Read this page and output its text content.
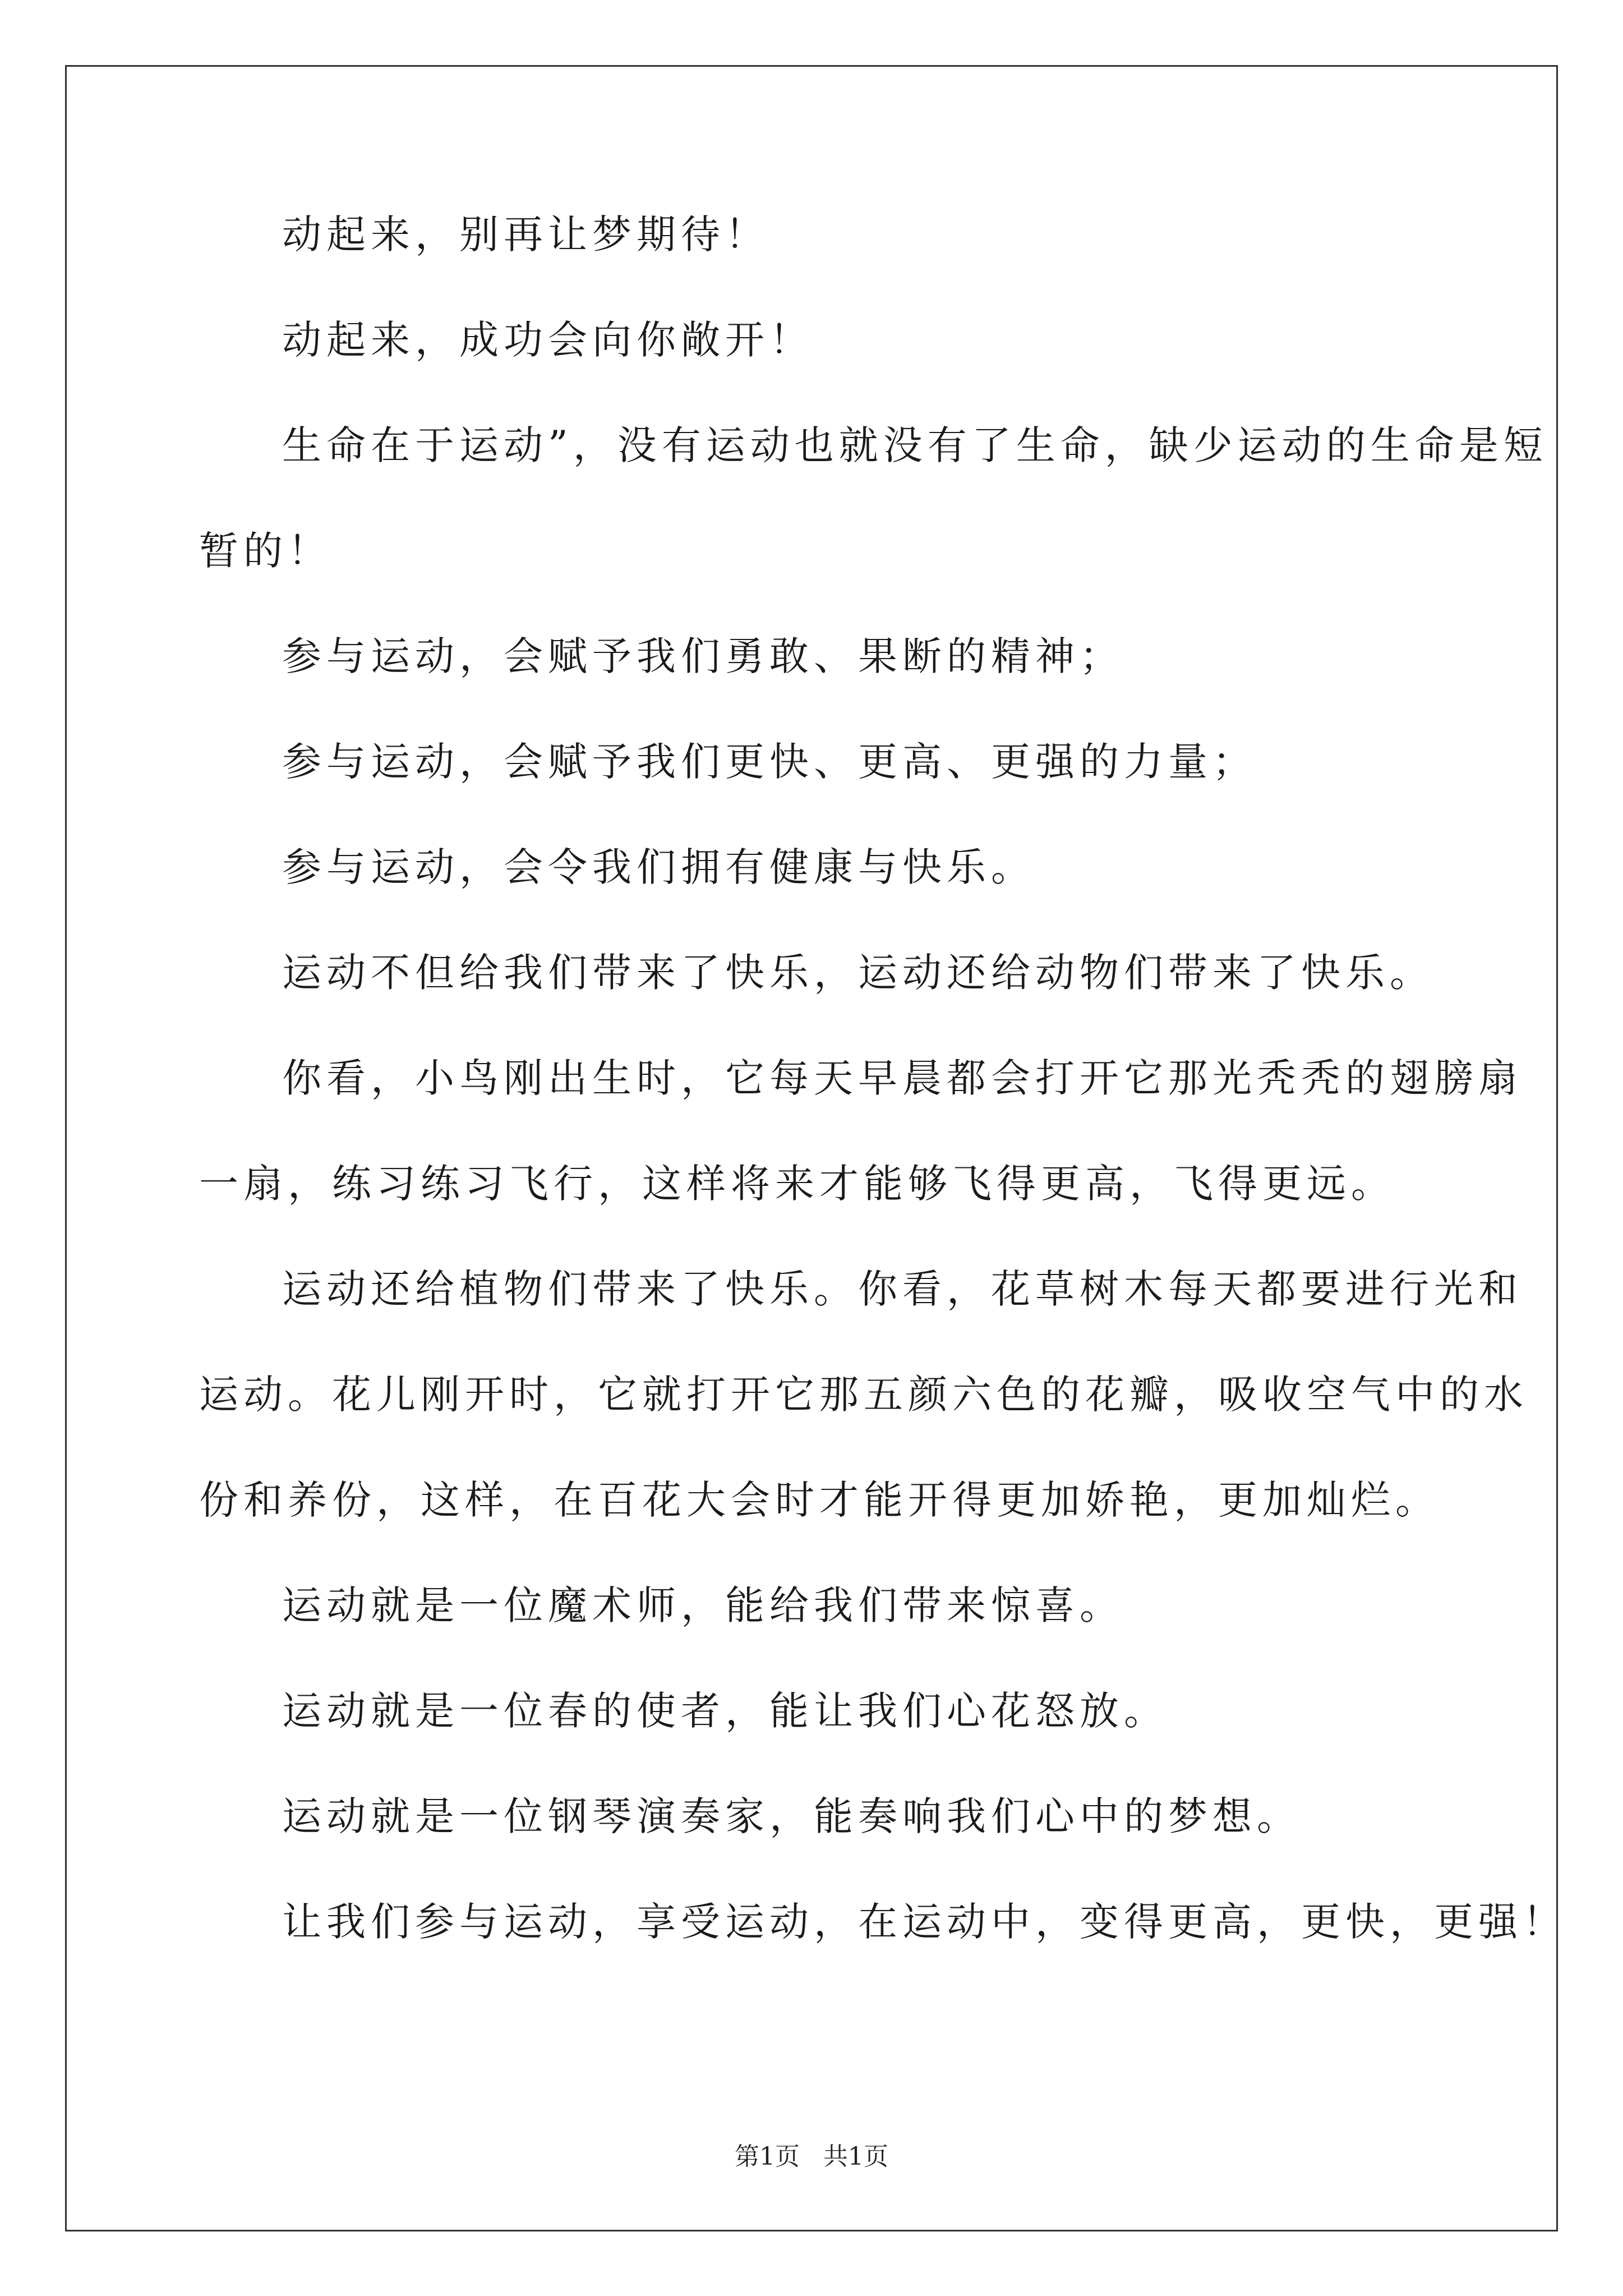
动起来，别再让梦期待！
动起来，成功会向你敞开！
生命在于运动”，没有运动也就没有了生命，缺少运动的生命是短
暂的！
参与运动，会赋予我们勇敢、果断的精神；
参与运动，会赋予我们更快、更高、更强的力量；
参与运动，会令我们拥有健康与快乐。
运动不但给我们带来了快乐，运动还给动物们带来了快乐。
你看，小鸟刚出生时，它每天早晨都会打开它那光秃秃的翅膀扇
一扇，练习练习飞行，这样将来才能够飞得更高，飞得更远。
运动还给植物们带来了快乐。你看，花草树木每天都要进行光和
运动。花儿刚开时，它就打开它那五颜六色的花瓣，吸收空气中的水
份和养份，这样，在百花大会时才能开得更加娇艳，更加灿烂。
运动就是一位魔术师，能给我们带来惊喜。
运动就是一位春的使者，能让我们心花怒放。
运动就是一位钢琴演奏家，能奏响我们心中的梦想。
让我们参与运动，享受运动，在运动中，变得更高，更快，更强！
第1页   共1页
